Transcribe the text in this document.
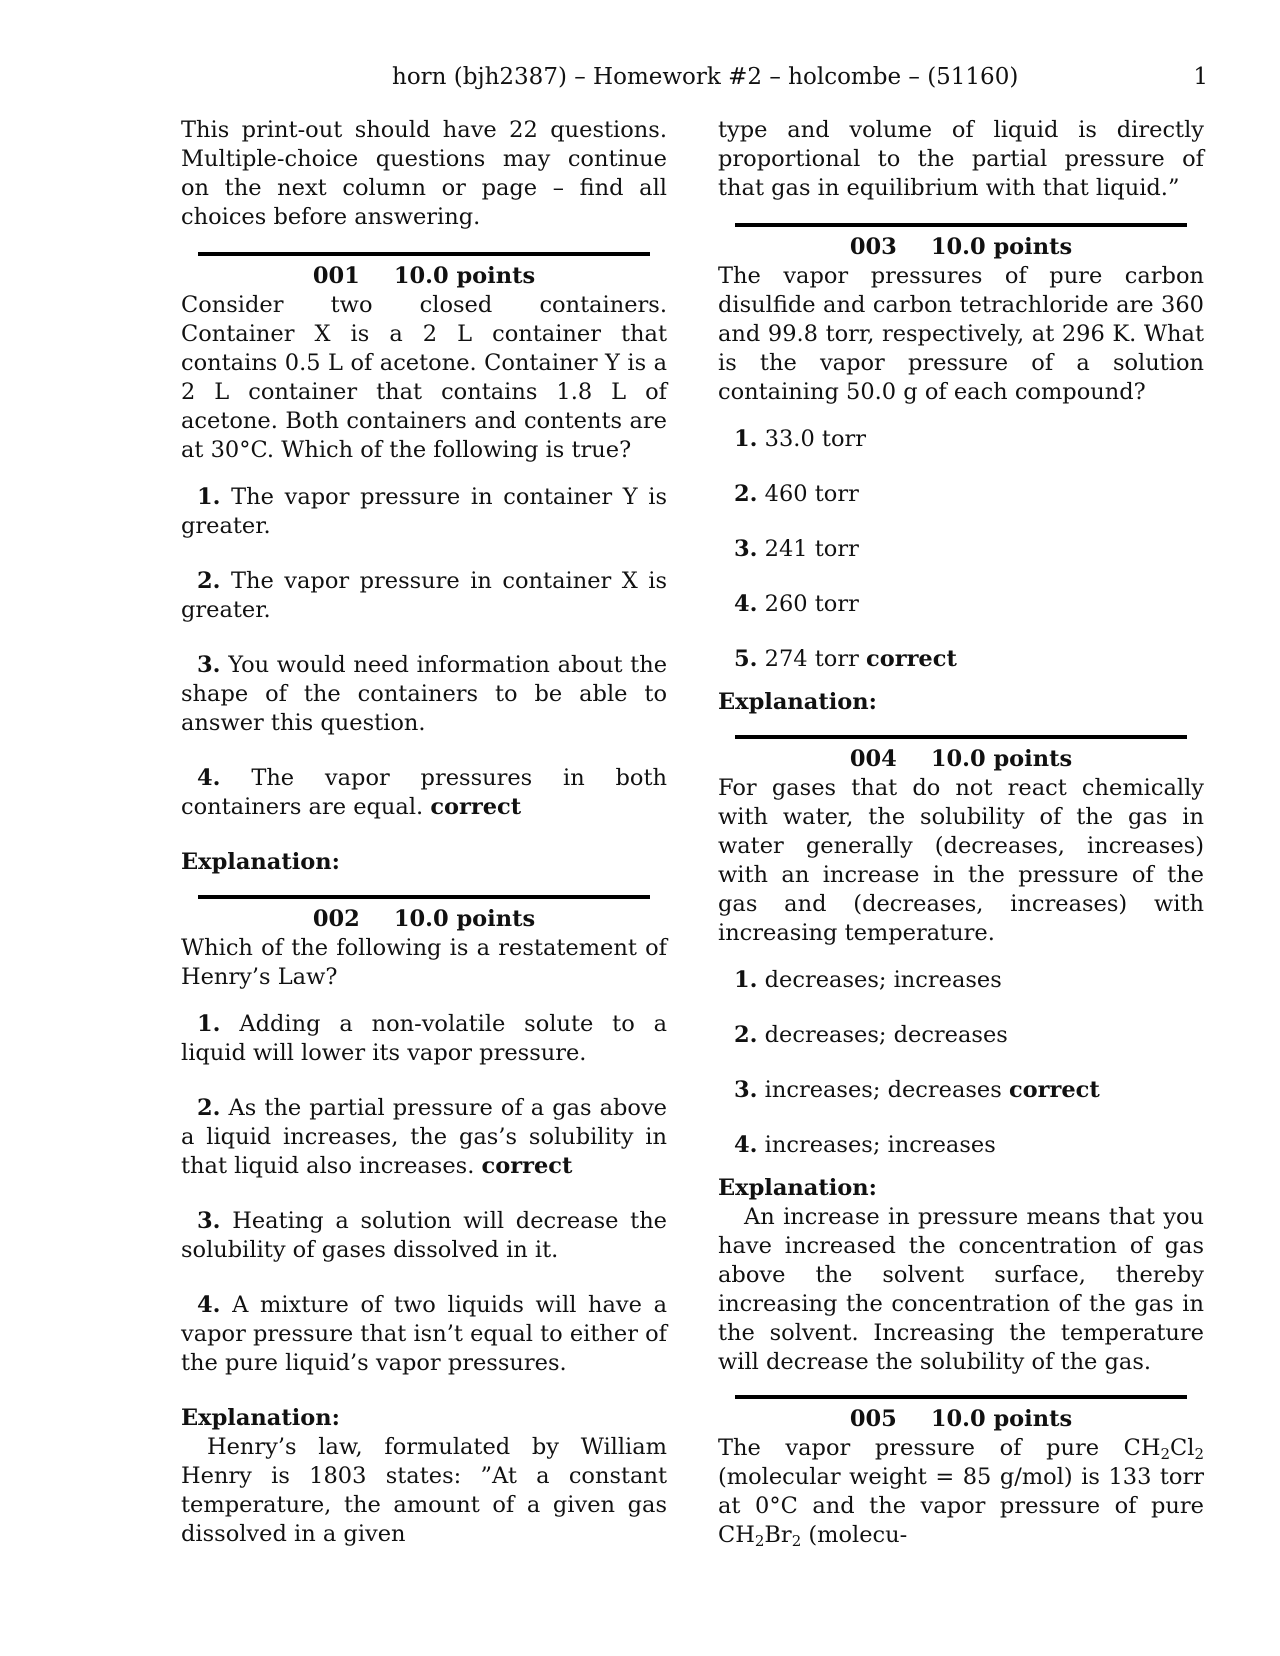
horn (bjh2387) – Homework #2 – holcombe – (51160)	1

This print-out should have 22 questions. Multiple-choice questions may continue on the next column or page – find all choices before answering.

001 10.0 points

Consider two closed containers. Container X is a 2 L container that contains 0.5 L of acetone. Container Y is a 2 L container that contains 1.8 L of acetone. Both containers and contents are at 30°C. Which of the following is true?

1. The vapor pressure in container Y is greater.

2. The vapor pressure in container X is greater.

3. You would need information about the shape of the containers to be able to answer this question.

4. The vapor pressures in both containers are equal. correct

Explanation:

002 10.0 points

Which of the following is a restatement of Henry’s Law?

1. Adding a non-volatile solute to a liquid will lower its vapor pressure.

2. As the partial pressure of a gas above a liquid increases, the gas’s solubility in that liquid also increases. correct

3. Heating a solution will decrease the solubility of gases dissolved in it.

4. A mixture of two liquids will have a vapor pressure that isn’t equal to either of the pure liquid’s vapor pressures.

Explanation:

Henry’s law, formulated by William Henry is 1803 states: ”At a constant temperature, the amount of a given gas dissolved in a given

type and volume of liquid is directly proportional to the partial pressure of that gas in equilibrium with that liquid.”

003 10.0 points

The vapor pressures of pure carbon disulfide and carbon tetrachloride are 360 and 99.8 torr, respectively, at 296 K. What is the vapor pressure of a solution containing 50.0 g of each compound?

1. 33.0 torr

2. 460 torr

3. 241 torr

4. 260 torr

5. 274 torr correct

Explanation:

004 10.0 points

For gases that do not react chemically with water, the solubility of the gas in water generally (decreases, increases) with an increase in the pressure of the gas and (decreases, increases) with increasing temperature.

1. decreases; increases

2. decreases; decreases

3. increases; decreases correct

4. increases; increases

Explanation:

An increase in pressure means that you have increased the concentration of gas above the solvent surface, thereby increasing the concentration of the gas in the solvent. Increasing the temperature will decrease the solubility of the gas.

005 10.0 points

The vapor pressure of pure $CH_2Cl_2$ (molecular weight = 85 g/mol) is 133 torr at 0°C and the vapor pressure of pure $CH_2Br_2$ (molecu-
